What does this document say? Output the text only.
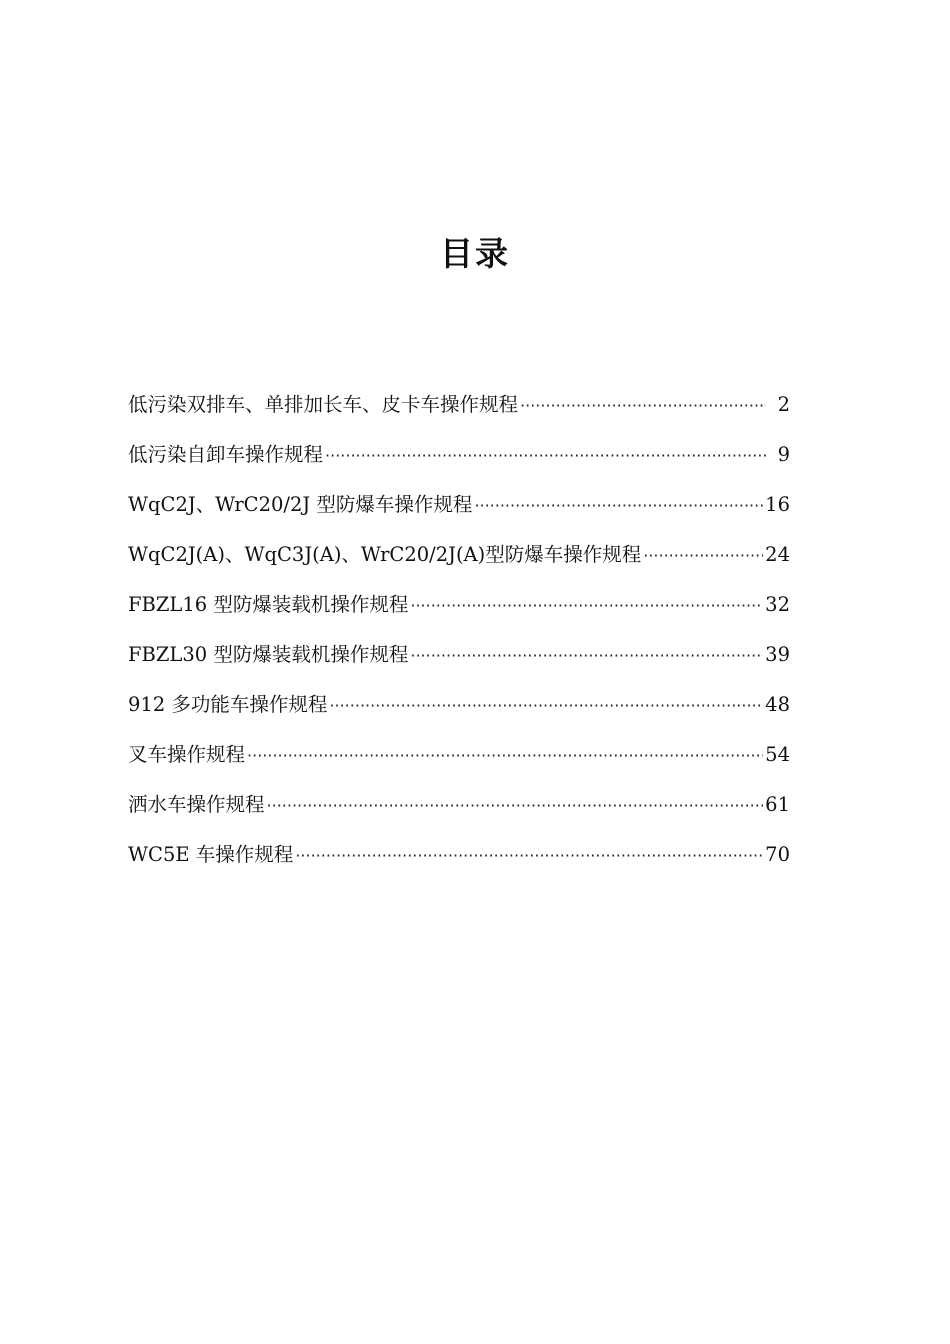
目录
低污染双排车、单排加长车、皮卡车操作规程 ·····	2
低污染自卸车操作规程 ·····	9
WqC2J、WrC20/2J 型防爆车操作规程 ·····	16
WqC2J(A)、WqC3J(A)、WrC20/2J(A)型防爆车操作规程 ·····	24
FBZL16 型防爆装载机操作规程 ·····	32
FBZL30 型防爆装载机操作规程 ·····	39
912 多功能车操作规程 ·····	48
叉车操作规程 ·····	54
洒水车操作规程 ·····	61
WC5E 车操作规程 ·····	70
